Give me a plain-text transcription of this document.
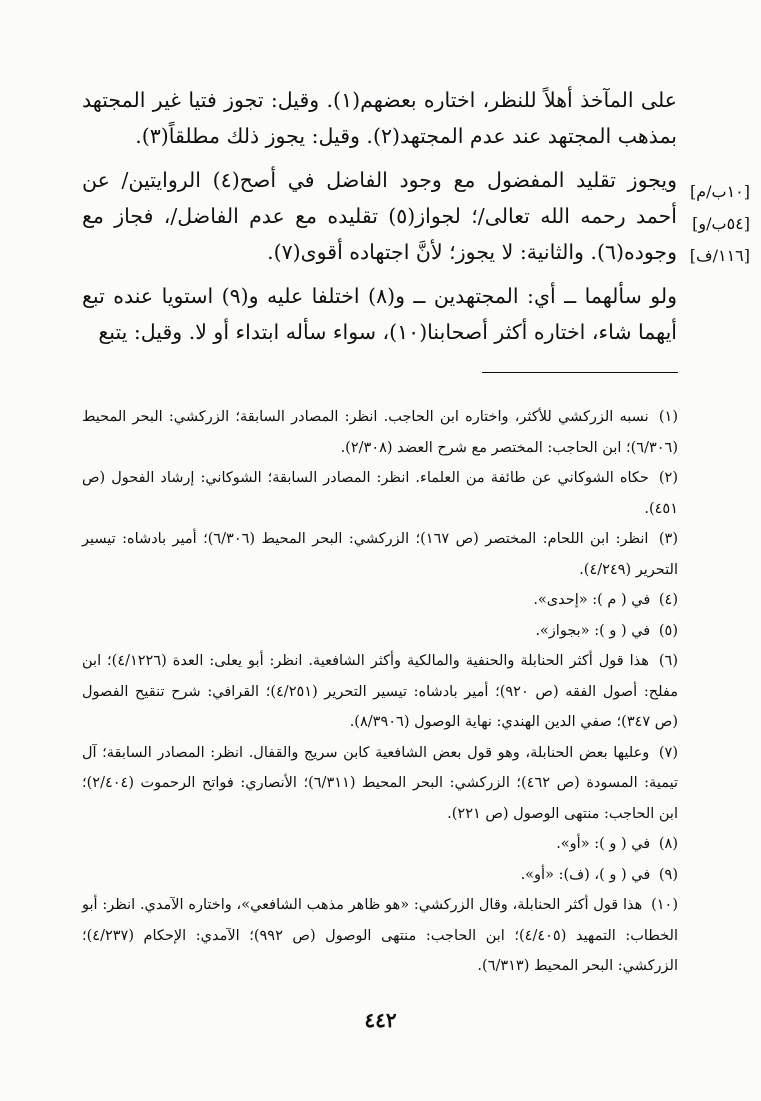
على المآخذ أهلاً للنظر، اختاره بعضهم(١). وقيل: تجوز فتيا غير المجتهد بمذهب المجتهد عند عدم المجتهد(٢). وقيل: يجوز ذلك مطلقاً(٣).

ويجوز تقليد المفضول مع وجود الفاضل في أصح(٤) الروايتين/ عن أحمد رحمه الله تعالى/؛ لجواز(٥) تقليده مع عدم الفاضل/، فجاز مع وجوده(٦). والثانية: لا يجوز؛ لأنَّ اجتهاده أقوى(٧).

ولو سألهما ــ أي: المجتهدين ــ و(٨) اختلفا عليه و(٩) استويا عنده تبع أيهما شاء، اختاره أكثر أصحابنا(١٠)، سواء سأله ابتداء أو لا. وقيل: يتبع

[١٠ب/م]
[٥٤ب/و]
[١١٦/ف]

(١) نسبه الزركشي للأكثر، واختاره ابن الحاجب. انظر: المصادر السابقة؛ الزركشي: البحر المحيط (٦/٣٠٦)؛ ابن الحاجب: المختصر مع شرح العضد (٢/٣٠٨).

(٢) حكاه الشوكاني عن طائفة من العلماء. انظر: المصادر السابقة؛ الشوكاني: إرشاد الفحول (ص ٤٥١).

(٣) انظر: ابن اللحام: المختصر (ص ١٦٧)؛ الزركشي: البحر المحيط (٦/٣٠٦)؛ أمير بادشاه: تيسير التحرير (٤/٢٤٩).

(٤) في ( م ): «إحدى».

(٥) في ( و ): «بجواز».

(٦) هذا قول أكثر الحنابلة والحنفية والمالكية وأكثر الشافعية. انظر: أبو يعلى: العدة (٤/١٢٢٦)؛ ابن مفلح: أصول الفقه (ص ٩٢٠)؛ أمير بادشاه: تيسير التحرير (٤/٢٥١)؛ القرافي: شرح تنقيح الفصول (ص ٣٤٧)؛ صفي الدين الهندي: نهاية الوصول (٨/٣٩٠٦).

(٧) وعليها بعض الحنابلة، وهو قول بعض الشافعية كابن سريج والقفال. انظر: المصادر السابقة؛ آل تيمية: المسودة (ص ٤٦٢)؛ الزركشي: البحر المحيط (٦/٣١١)؛ الأنصاري: فواتح الرحموت (٢/٤٠٤)؛ ابن الحاجب: منتهى الوصول (ص ٢٢١).

(٨) في ( و ): «أو».

(٩) في ( و )، (ف): «أو».

(١٠) هذا قول أكثر الحنابلة، وقال الزركشي: «هو ظاهر مذهب الشافعي»، واختاره الآمدي. انظر: أبو الخطاب: التمهيد (٤/٤٠٥)؛ ابن الحاجب: منتهى الوصول (ص ٩٩٢)؛ الآمدي: الإحكام (٤/٢٣٧)؛ الزركشي: البحر المحيط (٦/٣١٣).

٤٤٢
